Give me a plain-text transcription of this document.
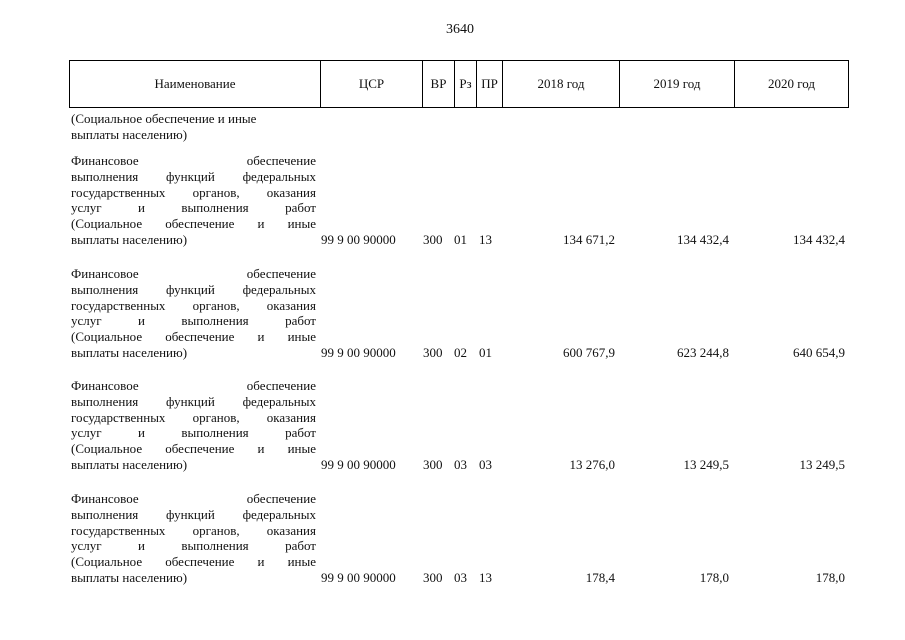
3640
Наименование	ЦСР	ВР Рз ПР	2018 год	2019 год	2020 год
(Социальное обеспечение и иные
выплаты населению)
Финансовое обеспечение
выполнения функций федеральных
государственных органов, оказания
услуг и выполнения работ
(Социальное обеспечение и иные
выплаты населению)	99 9 00 90000	300 01 13	134 671,2	134 432,4	134 432,4
Финансовое обеспечение
выполнения функций федеральных
государственных органов, оказания
услуг и выполнения работ
(Социальное обеспечение и иные
выплаты населению)	99 9 00 90000	300 02 01	600 767,9	623 244,8	640 654,9
Финансовое обеспечение
выполнения функций федеральных
государственных органов, оказания
услуг и выполнения работ
(Социальное обеспечение и иные
выплаты населению)	99 9 00 90000	300 03 03	13 276,0	13 249,5	13 249,5
Финансовое обеспечение
выполнения функций федеральных
государственных органов, оказания
услуг и выполнения работ
(Социальное обеспечение и иные
выплаты населению)	99 9 00 90000	300 03 13	178,4	178,0	178,0
